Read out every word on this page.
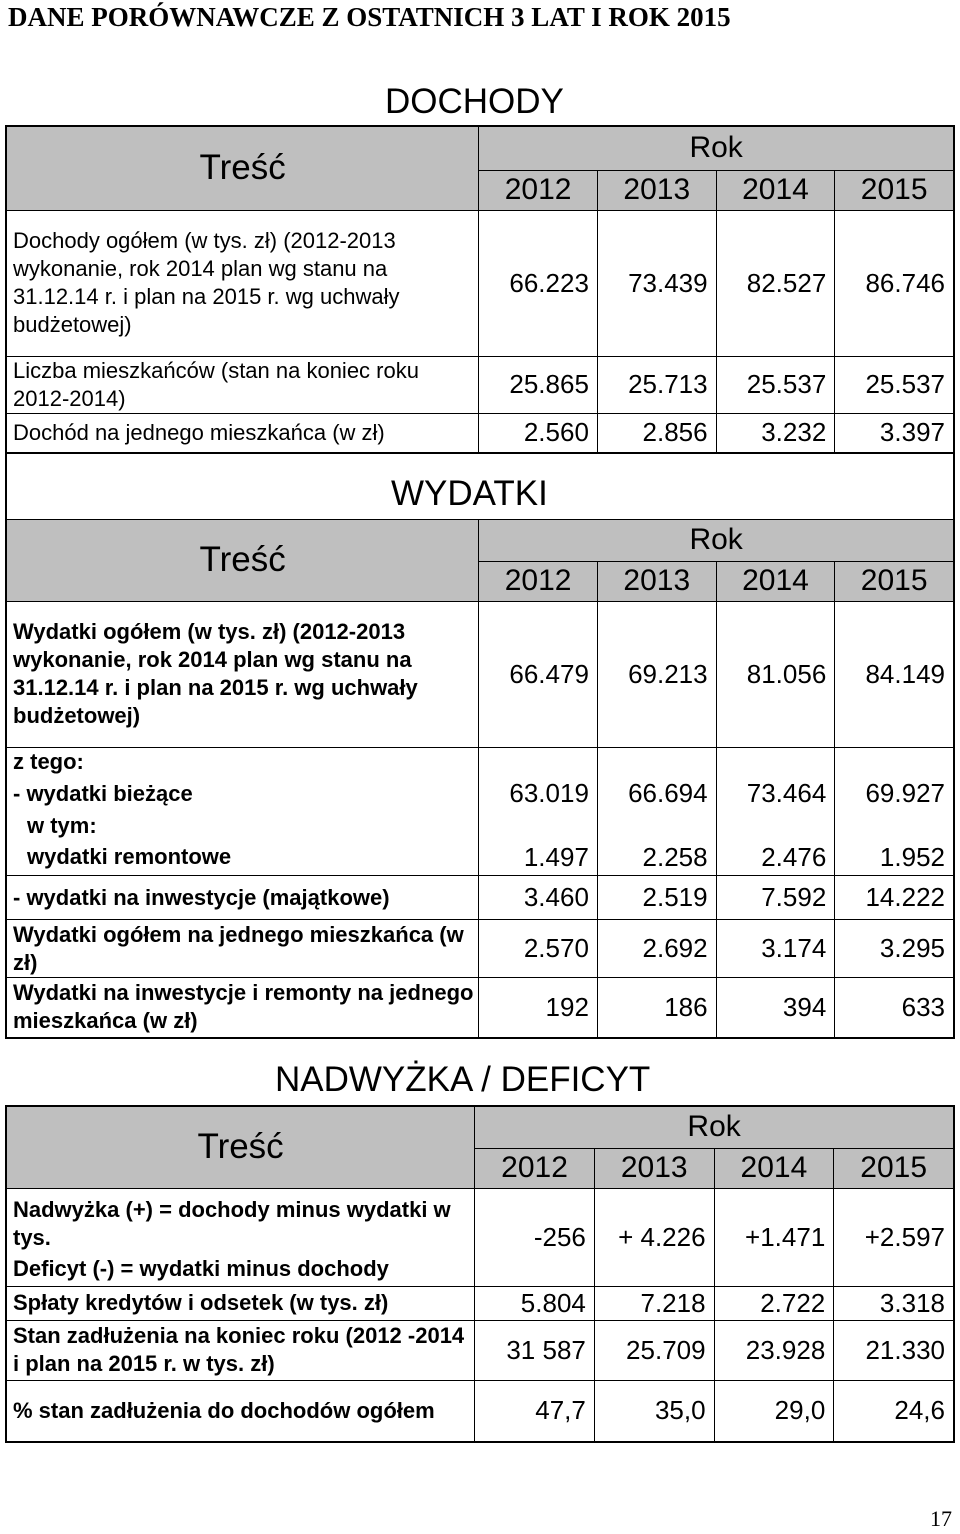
DANE PORÓWNAWCZE Z OSTATNICH 3 LAT I ROK 2015
DOCHODY
Treść	Rok			
	2012	2013	2014	2015
Dochody ogółem (w tys. zł) (2012-2013 wykonanie, rok 2014 plan wg stanu na 31.12.14 r. i plan na 2015 r. wg uchwały budżetowej)	66.223	73.439	82.527	86.746
Liczba mieszkańców (stan na koniec roku 2012-2014)	25.865	25.713	25.537	25.537
Dochód na jednego mieszkańca (w zł)	2.560	2.856	3.232	3.397
WYDATKI				

Treść	Rok			
	2012	2013	2014	2015
Wydatki ogółem (w tys. zł) (2012-2013 wykonanie, rok 2014 plan wg stanu na 31.12.14 r. i plan na 2015 r. wg uchwały budżetowej)	66.479	69.213	81.056	84.149
z tego:				
- wydatki bieżące	63.019	66.694	73.464	69.927
w tym:				
wydatki remontowe	1.497	2.258	2.476	1.952
- wydatki na inwestycje (majątkowe)	3.460	2.519	7.592	14.222
Wydatki ogółem na jednego mieszkańca (w zł)	2.570	2.692	3.174	3.295
Wydatki na inwestycje i remonty na jednego mieszkańca (w zł)	192	186	394	633
NADWYŻKA / DEFICYT
Treść	Rok			
	2012	2013	2014	2015
Nadwyżka (+) = dochody minus wydatki w tys.	-256	+ 4.226	+1.471	+2.597
Deficyt (-) = wydatki minus dochody				
Spłaty kredytów i odsetek (w tys. zł)	5.804	7.218	2.722	3.318
Stan zadłużenia na koniec roku (2012 -2014 i plan na 2015 r. w tys. zł)	31 587	25.709	23.928	21.330
% stan zadłużenia do dochodów ogółem	47,7	35,0	29,0	24,6
17
